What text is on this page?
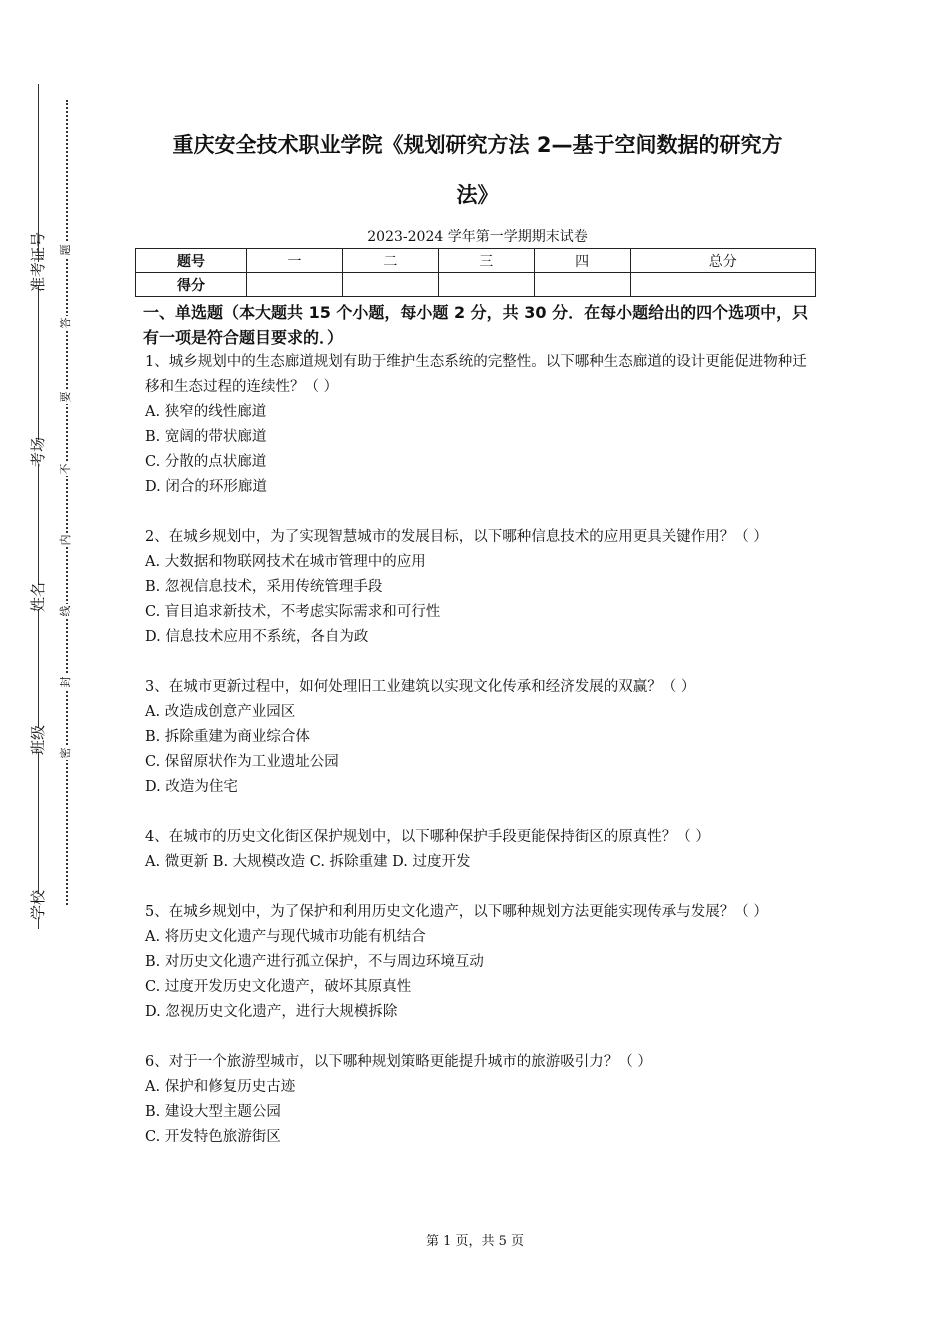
准考证号
考场
姓名
班级
学校
题
答
要
不
内
线
封
密
重庆安全技术职业学院《规划研究方法 2—基于空间数据的研究方
法》
2023-2024 学年第一学期期末试卷
题号	一	二	三	四	总分
得分					
一、单选题（本大题共 15 个小题，每小题 2 分，共 30 分．在每小题给出的四个选项中，只有一项是符合题目要求的．）

1、城乡规划中的生态廊道规划有助于维护生态系统的完整性。以下哪种生态廊道的设计更能促进物种迁移和生态过程的连续性？（ ）

A. 狭窄的线性廊道

B. 宽阔的带状廊道

C. 分散的点状廊道

D. 闭合的环形廊道

2、在城乡规划中，为了实现智慧城市的发展目标，以下哪种信息技术的应用更具关键作用？（ ）

A. 大数据和物联网技术在城市管理中的应用

B. 忽视信息技术，采用传统管理手段

C. 盲目追求新技术，不考虑实际需求和可行性

D. 信息技术应用不系统，各自为政

3、在城市更新过程中，如何处理旧工业建筑以实现文化传承和经济发展的双赢？（ ）

A. 改造成创意产业园区

B. 拆除重建为商业综合体

C. 保留原状作为工业遗址公园

D. 改造为住宅

4、在城市的历史文化街区保护规划中，以下哪种保护手段更能保持街区的原真性？（ ）

A. 微更新 B. 大规模改造 C. 拆除重建 D. 过度开发

5、在城乡规划中，为了保护和利用历史文化遗产，以下哪种规划方法更能实现传承与发展？（ ）

A. 将历史文化遗产与现代城市功能有机结合

B. 对历史文化遗产进行孤立保护，不与周边环境互动

C. 过度开发历史文化遗产，破坏其原真性

D. 忽视历史文化遗产，进行大规模拆除

6、对于一个旅游型城市，以下哪种规划策略更能提升城市的旅游吸引力？（ ）

A. 保护和修复历史古迹

B. 建设大型主题公园

C. 开发特色旅游街区

第 1 页，共 5 页
